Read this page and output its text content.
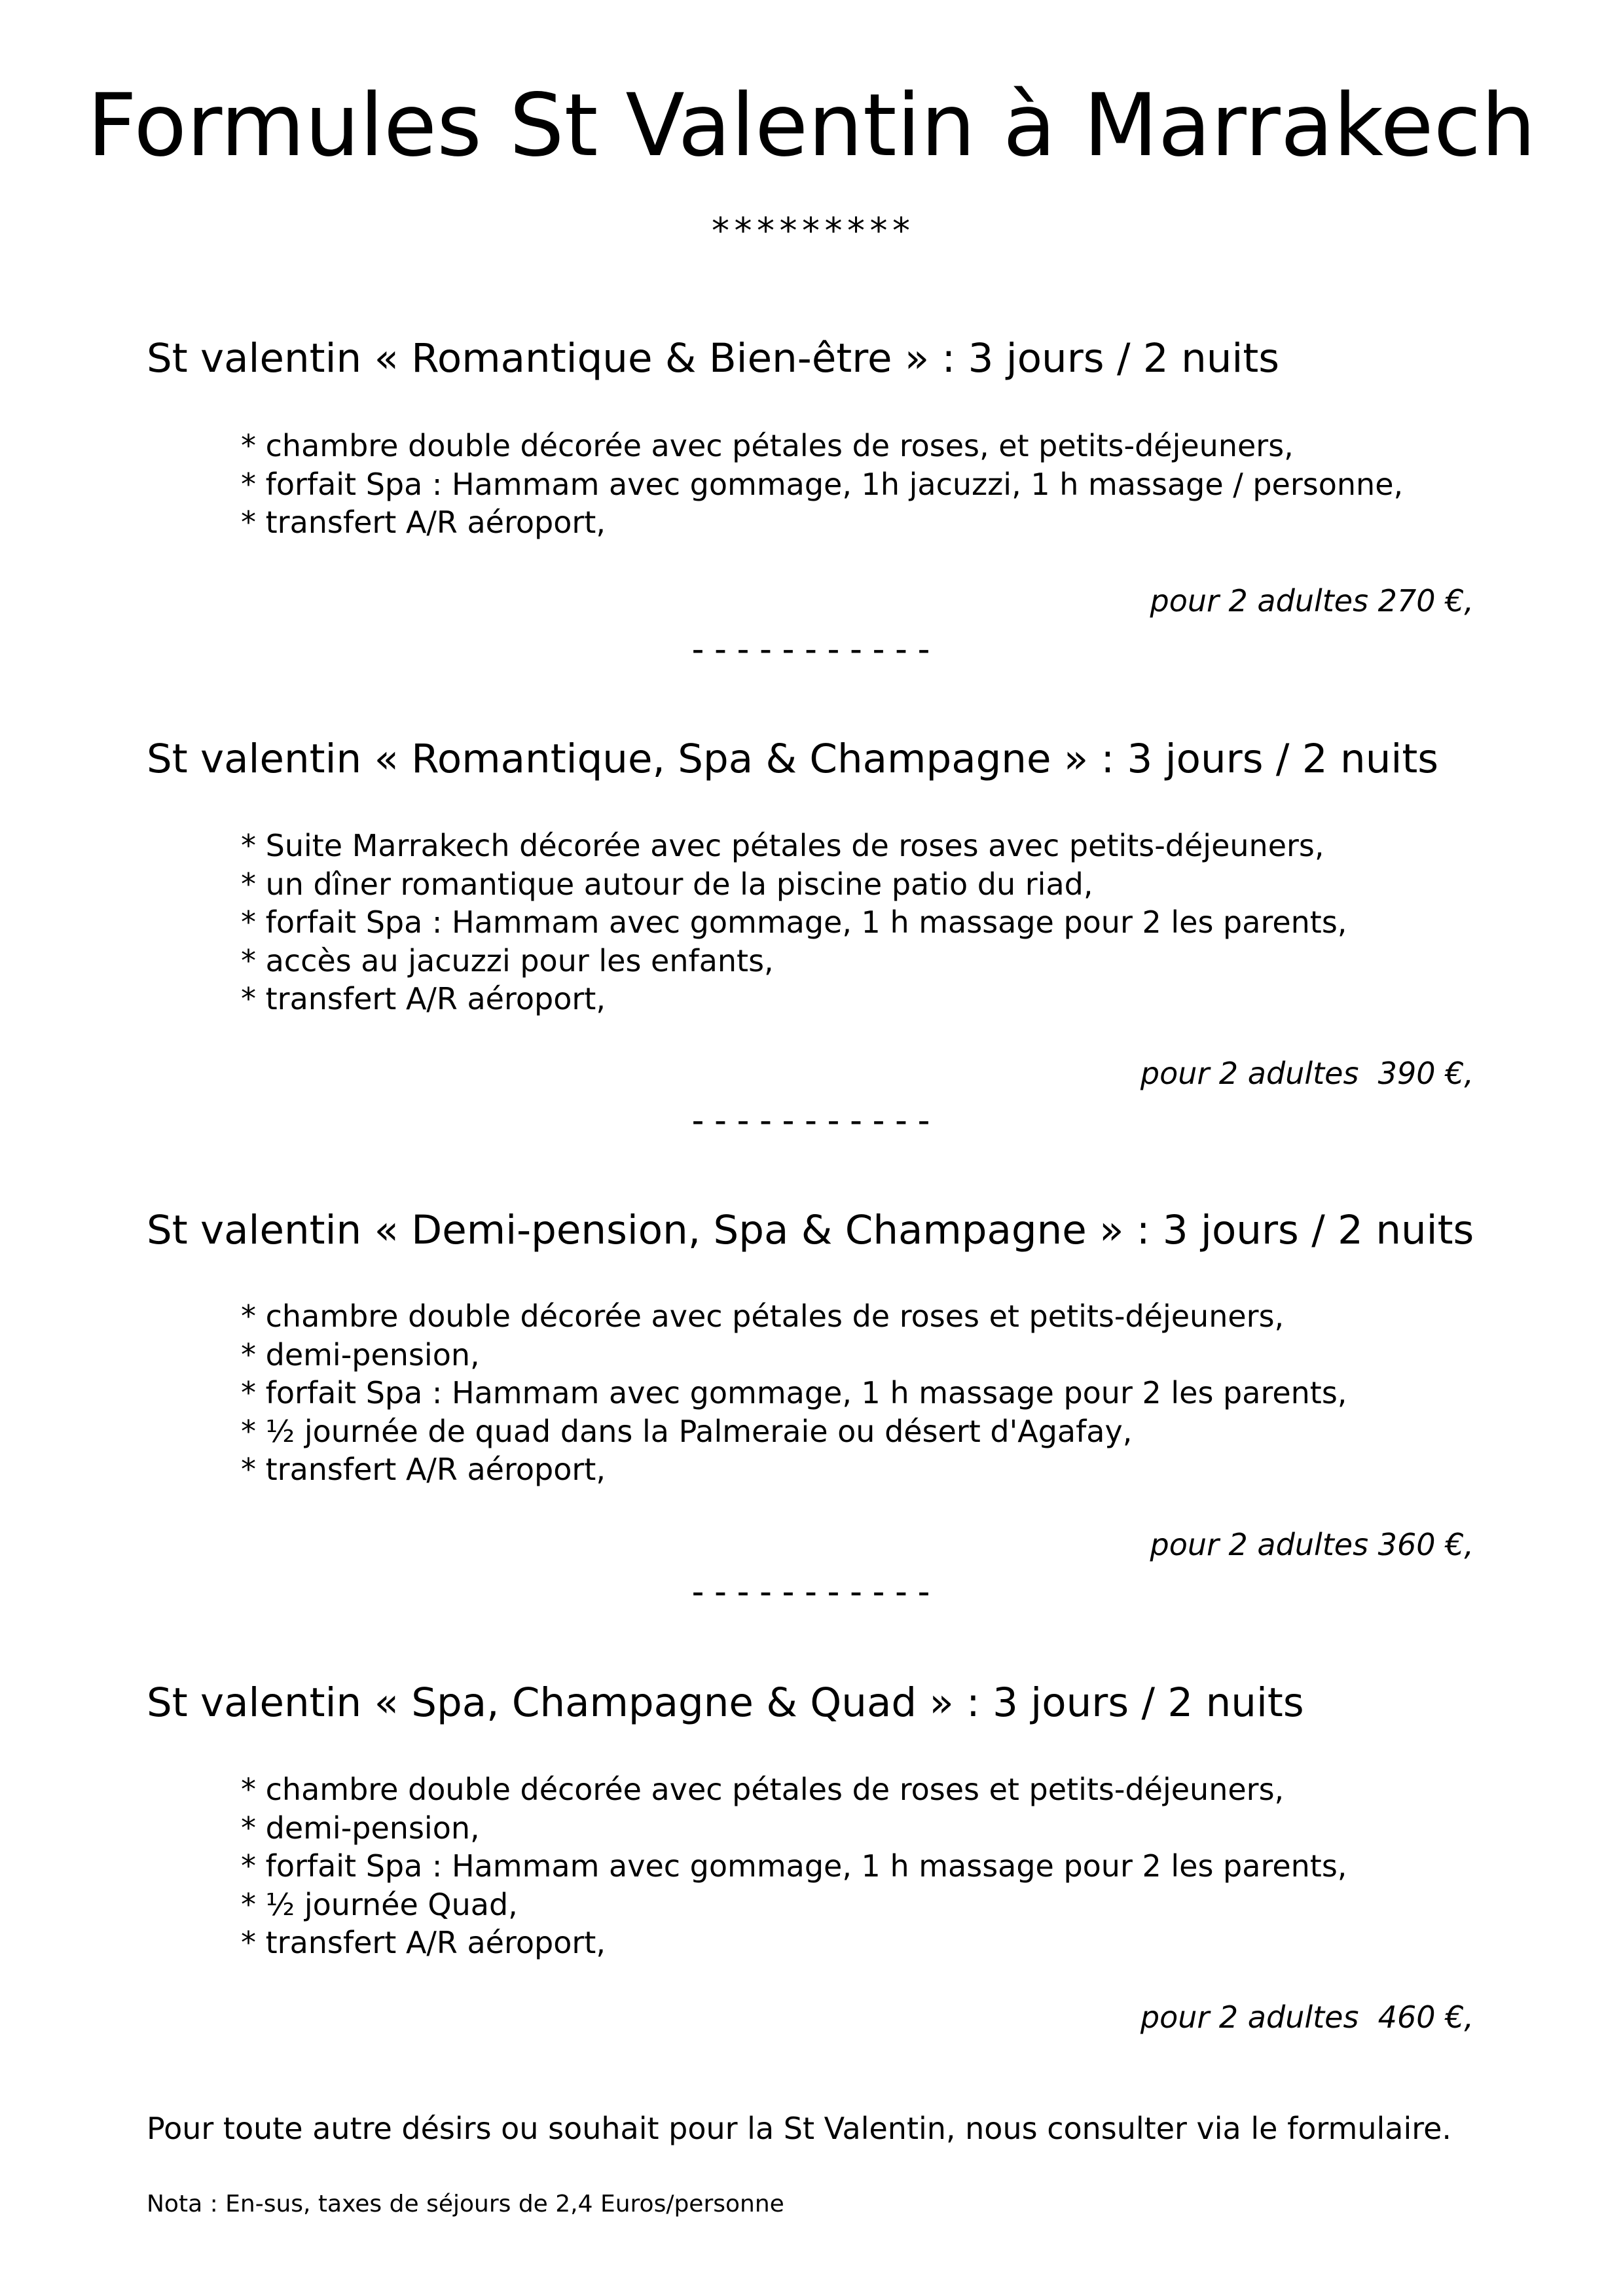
Formules St Valentin à Marrakech
*********
St valentin « Romantique & Bien-être » : 3 jours / 2 nuits
* chambre double décorée avec pétales de roses, et petits-déjeuners,
* forfait Spa : Hammam avec gommage, 1h jacuzzi, 1 h massage / personne,
* transfert A/R aéroport,
pour 2 adultes 270 €,
-----------
St valentin « Romantique, Spa & Champagne » : 3 jours / 2 nuits
* Suite Marrakech décorée avec pétales de roses avec petits-déjeuners,
* un dîner romantique autour de la piscine patio du riad,
* forfait Spa : Hammam avec gommage, 1 h massage pour 2 les parents,
* accès au jacuzzi pour les enfants,
* transfert A/R aéroport,
pour 2 adultes  390 €,
-----------
St valentin « Demi-pension, Spa & Champagne » : 3 jours / 2 nuits
* chambre double décorée avec pétales de roses et petits-déjeuners,
* demi-pension,
* forfait Spa : Hammam avec gommage, 1 h massage pour 2 les parents,
* ½ journée de quad dans la Palmeraie ou désert d'Agafay,
* transfert A/R aéroport,
pour 2 adultes 360 €,
-----------
St valentin « Spa, Champagne & Quad » : 3 jours / 2 nuits
* chambre double décorée avec pétales de roses et petits-déjeuners,
* demi-pension,
* forfait Spa : Hammam avec gommage, 1 h massage pour 2 les parents,
* ½ journée Quad,
* transfert A/R aéroport,
pour 2 adultes  460 €,
Pour toute autre désirs ou souhait pour la St Valentin, nous consulter via le formulaire.
Nota : En-sus, taxes de séjours de 2,4 Euros/personne
